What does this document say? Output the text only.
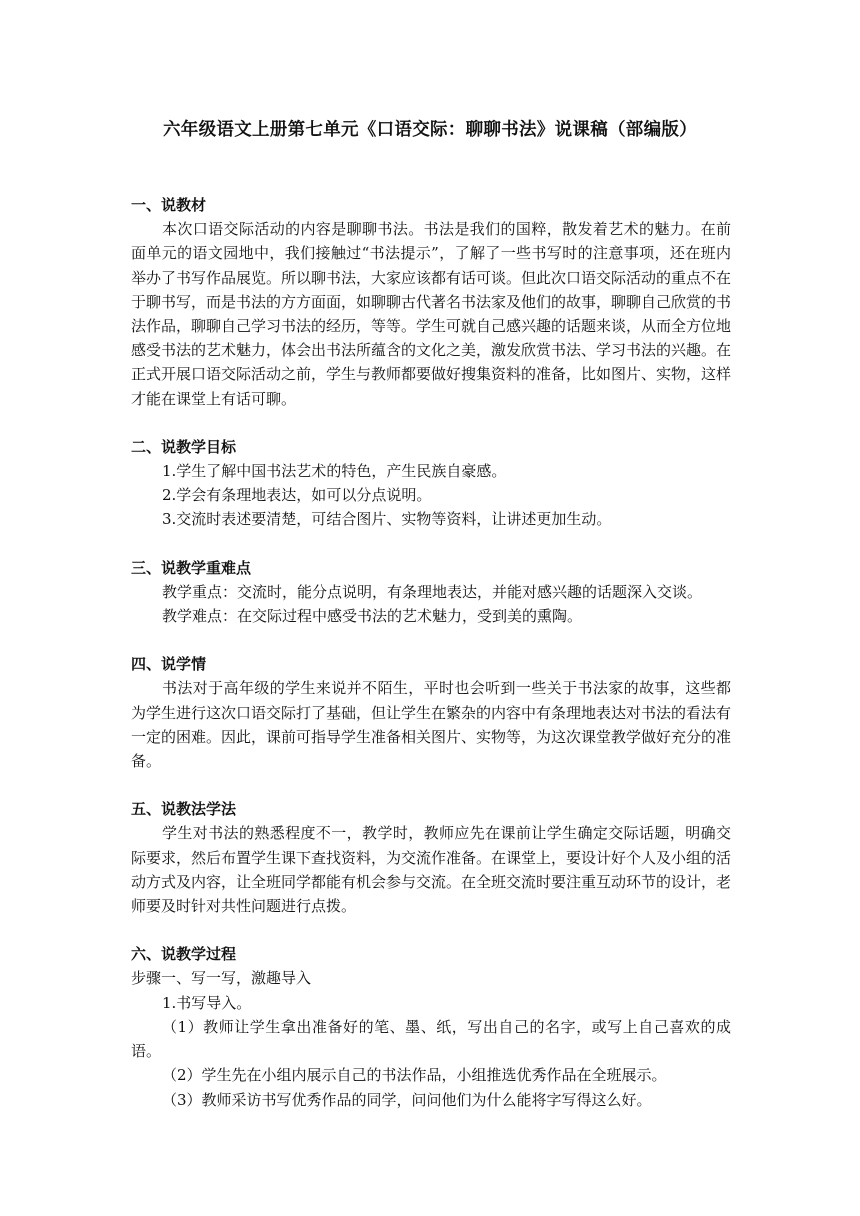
六年级语文上册第七单元《口语交际：聊聊书法》说课稿（部编版）
一、说教材

本次口语交际活动的内容是聊聊书法。书法是我们的国粹，散发着艺术的魅力。在前面单元的语文园地中，我们接触过“书法提示”，了解了一些书写时的注意事项，还在班内举办了书写作品展览。所以聊书法，大家应该都有话可谈。但此次口语交际活动的重点不在于聊书写，而是书法的方方面面，如聊聊古代著名书法家及他们的故事，聊聊自己欣赏的书法作品，聊聊自己学习书法的经历，等等。学生可就自己感兴趣的话题来谈，从而全方位地感受书法的艺术魅力，体会出书法所蕴含的文化之美，激发欣赏书法、学习书法的兴趣。在正式开展口语交际活动之前，学生与教师都要做好搜集资料的准备，比如图片、实物，这样才能在课堂上有话可聊。

二、说教学目标

1.学生了解中国书法艺术的特色，产生民族自豪感。

2.学会有条理地表达，如可以分点说明。

3.交流时表述要清楚，可结合图片、实物等资料，让讲述更加生动。

三、说教学重难点

教学重点：交流时，能分点说明，有条理地表达，并能对感兴趣的话题深入交谈。

教学难点：在交际过程中感受书法的艺术魅力，受到美的熏陶。

四、说学情

书法对于高年级的学生来说并不陌生，平时也会听到一些关于书法家的故事，这些都为学生进行这次口语交际打了基础，但让学生在繁杂的内容中有条理地表达对书法的看法有一定的困难。因此，课前可指导学生准备相关图片、实物等，为这次课堂教学做好充分的准备。

五、说教法学法

学生对书法的熟悉程度不一，教学时，教师应先在课前让学生确定交际话题，明确交际要求，然后布置学生课下查找资料，为交流作准备。在课堂上，要设计好个人及小组的活动方式及内容，让全班同学都能有机会参与交流。在全班交流时要注重互动环节的设计，老师要及时针对共性问题进行点拨。

六、说教学过程

步骤一、写一写，激趣导入

1.书写导入。

（1）教师让学生拿出准备好的笔、墨、纸，写出自己的名字，或写上自己喜欢的成语。

（2）学生先在小组内展示自己的书法作品，小组推选优秀作品在全班展示。

（3）教师采访书写优秀作品的同学，问问他们为什么能将字写得这么好。
